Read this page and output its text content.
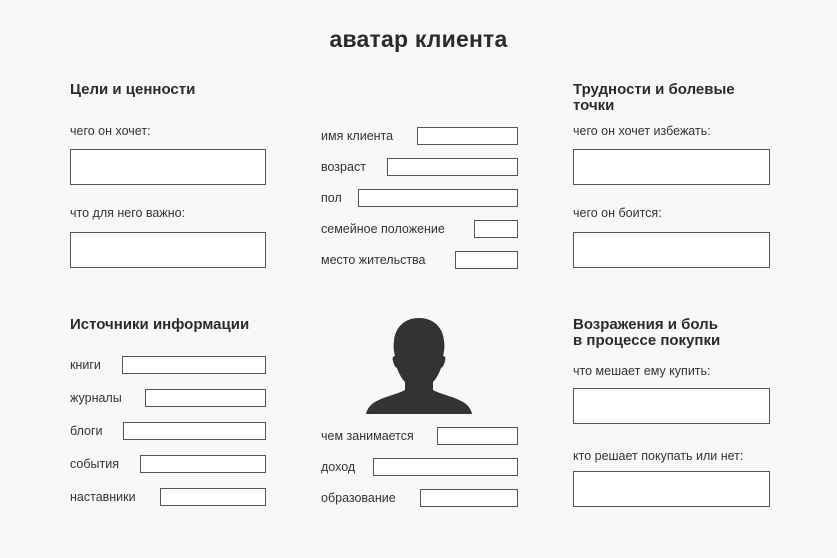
аватар клиента
Цели и ценности
чего он хочет:
что для него важно:
имя клиента
возраст
пол
семейное положение
место жительства
Трудности и болевые
точки
чего он хочет избежать:
чего он боится:
Источники информации
книги
журналы
блоги
события
наставники
чем занимается
доход
образование
Возражения и боль
в процессе покупки
что мешает ему купить:
кто решает покупать или нет:
